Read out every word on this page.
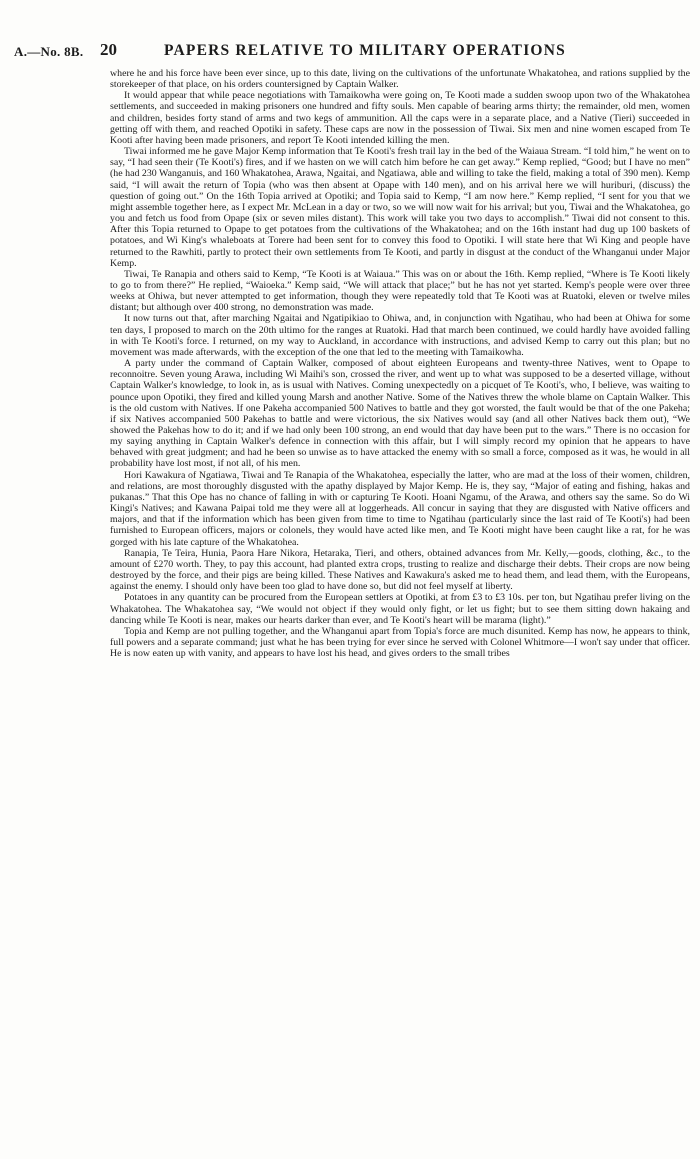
A.—No. 8B. 20	PAPERS RELATIVE TO MILITARY OPERATIONS

where he and his force have been ever since, up to this date, living on the cultivations of the unfortunate Whakatohea, and rations supplied by the storekeeper of that place, on his orders countersigned by Captain Walker.

It would appear that while peace negotiations with Tamaikowha were going on, Te Kooti made a sudden swoop upon two of the Whakatohea settlements, and succeeded in making prisoners one hundred and fifty souls. Men capable of bearing arms thirty; the remainder, old men, women and children, besides forty stand of arms and two kegs of ammunition. All the caps were in a separate place, and a Native (Tieri) succeeded in getting off with them, and reached Opotiki in safety. These caps are now in the possession of Tiwai. Six men and nine women escaped from Te Kooti after having been made prisoners, and report Te Kooti intended killing the men.

Tiwai informed me he gave Major Kemp information that Te Kooti's fresh trail lay in the bed of the Waiaua Stream. “I told him,” he went on to say, “I had seen their (Te Kooti's) fires, and if we hasten on we will catch him before he can get away.” Kemp replied, “Good; but I have no men” (he had 230 Wanganuis, and 160 Whakatohea, Arawa, Ngaitai, and Ngatiawa, able and willing to take the field, making a total of 390 men). Kemp said, “I will await the return of Topia (who was then absent at Opape with 140 men), and on his arrival here we will huriburi, (discuss) the question of going out.” On the 16th Topia arrived at Opotiki; and Topia said to Kemp, “I am now here.” Kemp replied, “I sent for you that we might assemble together here, as I expect Mr. McLean in a day or two, so we will now wait for his arrival; but you, Tiwai and the Whakatohea, go you and fetch us food from Opape (six or seven miles distant). This work will take you two days to accomplish.” Tiwai did not consent to this. After this Topia returned to Opape to get potatoes from the cultivations of the Whakatohea; and on the 16th instant had dug up 100 baskets of potatoes, and Wi King's whaleboats at Torere had been sent for to convey this food to Opotiki. I will state here that Wi King and people have returned to the Rawhiti, partly to protect their own settlements from Te Kooti, and partly in disgust at the conduct of the Whanganui under Major Kemp.

Tiwai, Te Ranapia and others said to Kemp, “Te Kooti is at Waiaua.” This was on or about the 16th. Kemp replied, “Where is Te Kooti likely to go to from there?” He replied, “Waioeka.” Kemp said, “We will attack that place;” but he has not yet started. Kemp's people were over three weeks at Ohiwa, but never attempted to get information, though they were repeatedly told that Te Kooti was at Ruatoki, eleven or twelve miles distant; but although over 400 strong, no demonstration was made.

It now turns out that, after marching Ngaitai and Ngatipikiao to Ohiwa, and, in conjunction with Ngatihau, who had been at Ohiwa for some ten days, I proposed to march on the 20th ultimo for the ranges at Ruatoki. Had that march been continued, we could hardly have avoided falling in with Te Kooti's force. I returned, on my way to Auckland, in accordance with instructions, and advised Kemp to carry out this plan; but no movement was made afterwards, with the exception of the one that led to the meeting with Tamaikowha.

A party under the command of Captain Walker, composed of about eighteen Europeans and twenty-three Natives, went to Opape to reconnoitre. Seven young Arawa, including Wi Maihi's son, crossed the river, and went up to what was supposed to be a deserted village, without Captain Walker's knowledge, to look in, as is usual with Natives. Coming unexpectedly on a picquet of Te Kooti's, who, I believe, was waiting to pounce upon Opotiki, they fired and killed young Marsh and another Native. Some of the Natives threw the whole blame on Captain Walker. This is the old custom with Natives. If one Pakeha accompanied 500 Natives to battle and they got worsted, the fault would be that of the one Pakeha; if six Natives accompanied 500 Pakehas to battle and were victorious, the six Natives would say (and all other Natives back them out), “We showed the Pakehas how to do it; and if we had only been 100 strong, an end would that day have been put to the wars.” There is no occasion for my saying anything in Captain Walker's defence in connection with this affair, but I will simply record my opinion that he appears to have behaved with great judgment; and had he been so unwise as to have attacked the enemy with so small a force, composed as it was, he would in all probability have lost most, if not all, of his men.

Hori Kawakura of Ngatiawa, Tiwai and Te Ranapia of the Whakatohea, especially the latter, who are mad at the loss of their women, children, and relations, are most thoroughly disgusted with the apathy displayed by Major Kemp. He is, they say, “Major of eating and fishing, hakas and pukanas.” That this Ope has no chance of falling in with or capturing Te Kooti. Hoani Ngamu, of the Arawa, and others say the same. So do Wi Kingi's Natives; and Kawana Paipai told me they were all at loggerheads. All concur in saying that they are disgusted with Native officers and majors, and that if the information which has been given from time to time to Ngatihau (particularly since the last raid of Te Kooti's) had been furnished to European officers, majors or colonels, they would have acted like men, and Te Kooti might have been caught like a rat, for he was gorged with his late capture of the Whakatohea.

Ranapia, Te Teira, Hunia, Paora Hare Nikora, Hetaraka, Tieri, and others, obtained advances from Mr. Kelly,—goods, clothing, &c., to the amount of £270 worth. They, to pay this account, had planted extra crops, trusting to realize and discharge their debts. Their crops are now being destroyed by the force, and their pigs are being killed. These Natives and Kawakura's asked me to head them, and lead them, with the Europeans, against the enemy. I should only have been too glad to have done so, but did not feel myself at liberty.

Potatoes in any quantity can be procured from the European settlers at Opotiki, at from £3 to £3 10s. per ton, but Ngatihau prefer living on the Whakatohea. The Whakatohea say, “We would not object if they would only fight, or let us fight; but to see them sitting down hakaing and dancing while Te Kooti is near, makes our hearts darker than ever, and Te Kooti's heart will be marama (light).”

Topia and Kemp are not pulling together, and the Whanganui apart from Topia's force are much disunited. Kemp has now, he appears to think, full powers and a separate command; just what he has been trying for ever since he served with Colonel Whitmore—I won't say under that officer. He is now eaten up with vanity, and appears to have lost his head, and gives orders to the small tribes
